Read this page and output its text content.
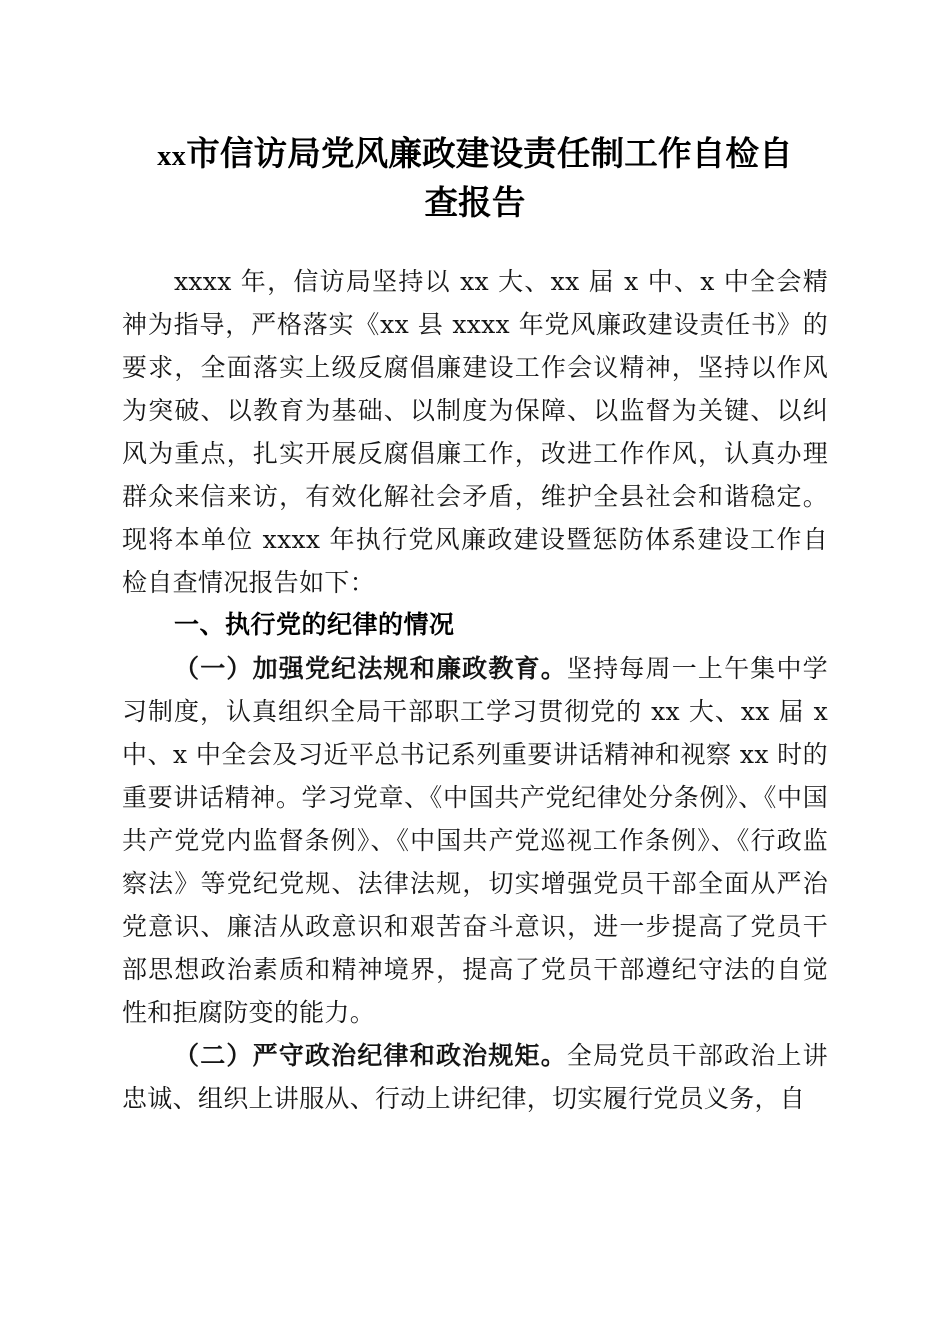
xx市信访局党风廉政建设责任制工作自检自
查报告

xxxx 年，信访局坚持以 xx 大、xx 届 x 中、x 中全会精神为指导，严格落实《xx 县 xxxx 年党风廉政建设责任书》的要求，全面落实上级反腐倡廉建设工作会议精神，坚持以作风为突破、以教育为基础、以制度为保障、以监督为关键、以纠风为重点，扎实开展反腐倡廉工作，改进工作作风，认真办理群众来信来访，有效化解社会矛盾，维护全县社会和谐稳定。现将本单位 xxxx 年执行党风廉政建设暨惩防体系建设工作自检自查情况报告如下：

一、执行党的纪律的情况

（一）加强党纪法规和廉政教育。坚持每周一上午集中学习制度，认真组织全局干部职工学习贯彻党的 xx 大、xx 届 x 中、x 中全会及习近平总书记系列重要讲话精神和视察 xx 时的重要讲话精神。学习党章、《中国共产党纪律处分条例》、《中国共产党党内监督条例》、《中国共产党巡视工作条例》、《行政监察法》等党纪党规、法律法规，切实增强党员干部全面从严治党意识、廉洁从政意识和艰苦奋斗意识，进一步提高了党员干部思想政治素质和精神境界，提高了党员干部遵纪守法的自觉性和拒腐防变的能力。

（二）严守政治纪律和政治规矩。全局党员干部政治上讲忠诚、组织上讲服从、行动上讲纪律，切实履行党员义务，自
